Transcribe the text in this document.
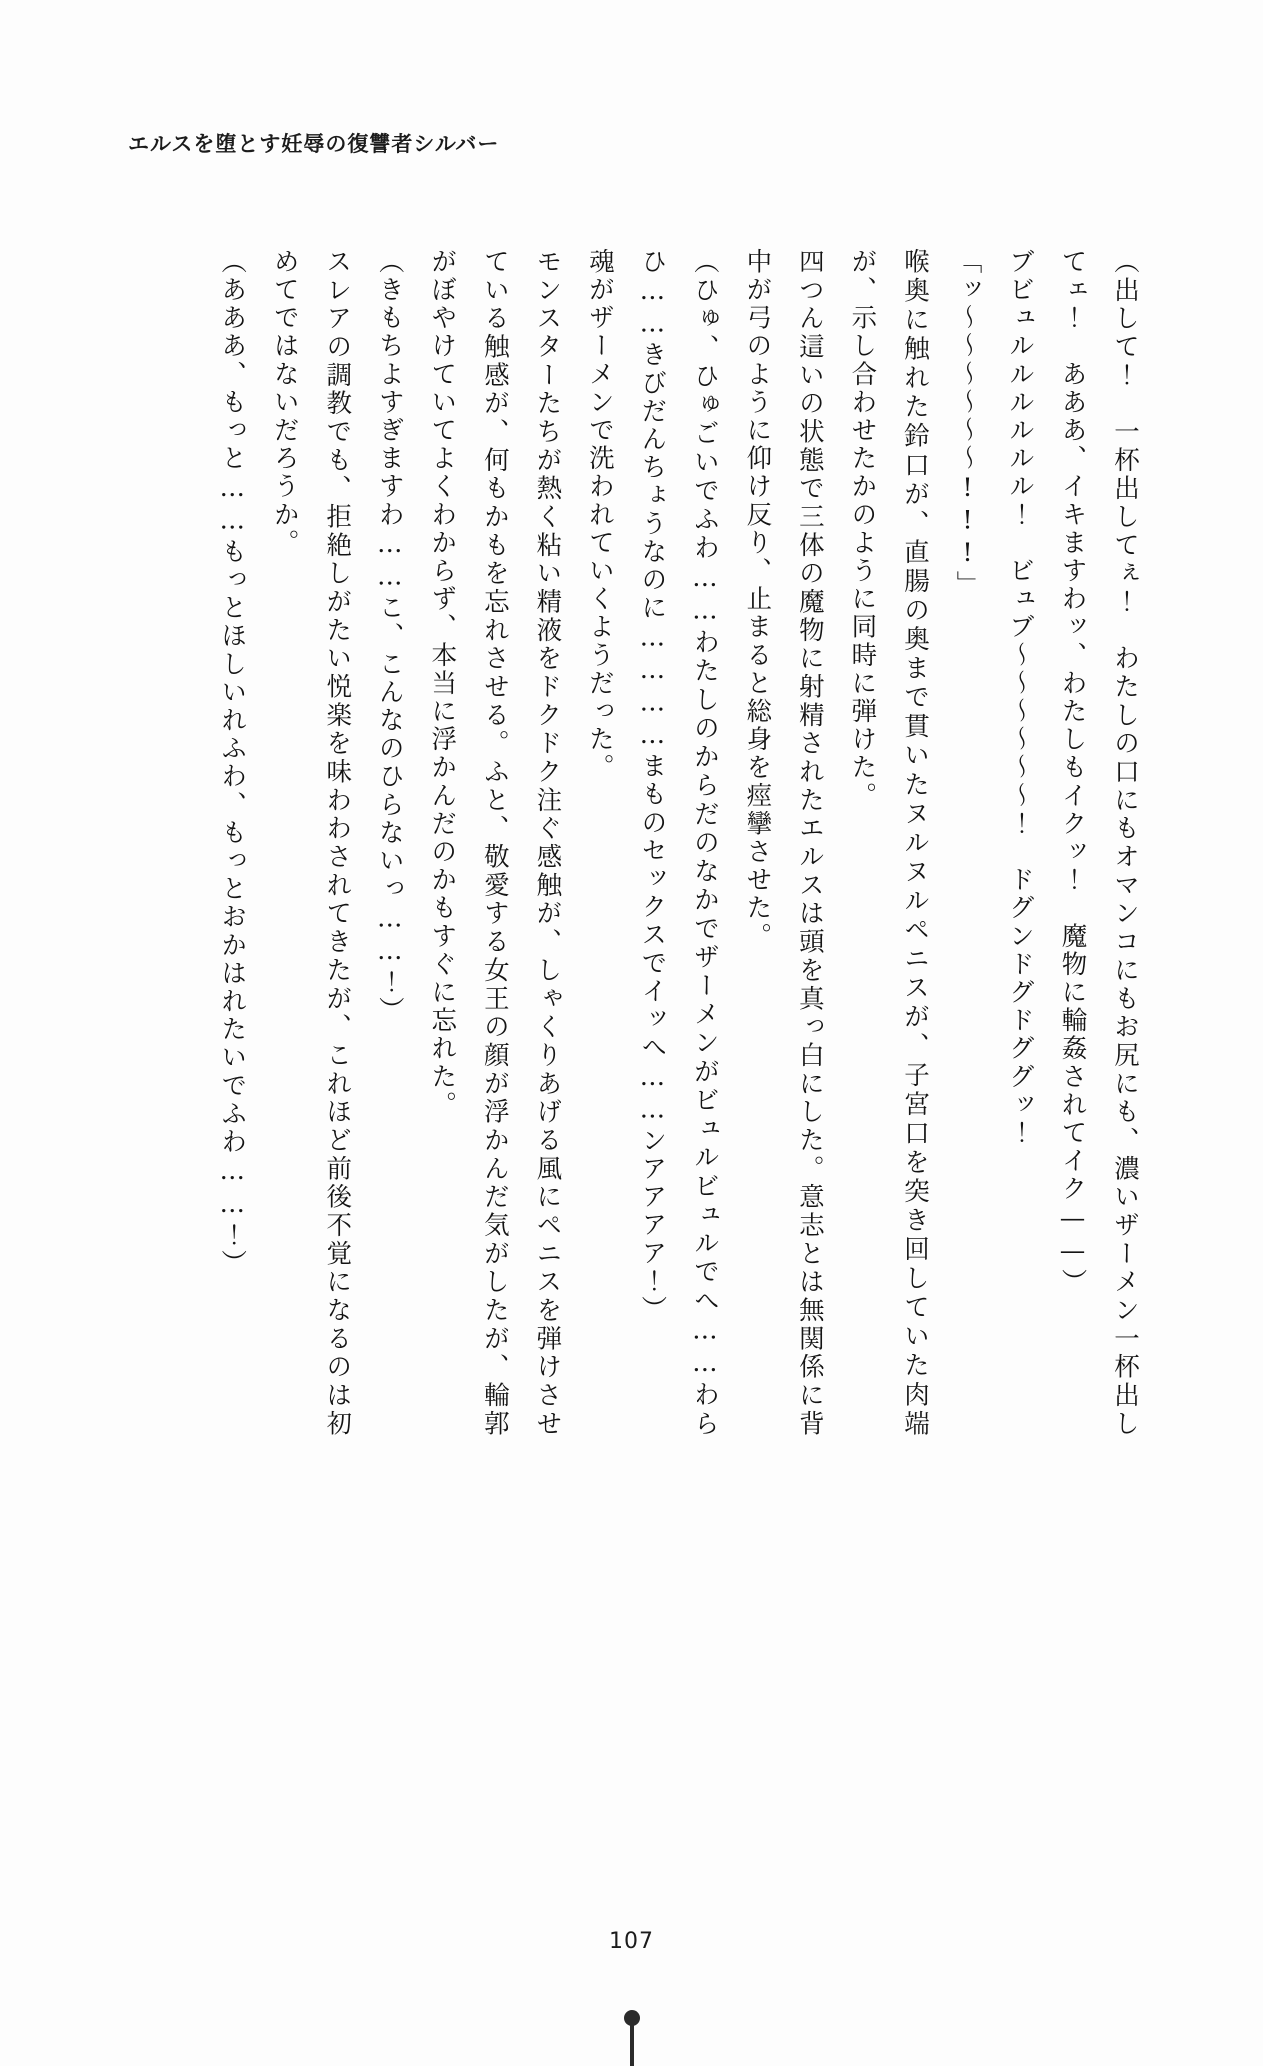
エルスを堕とす妊辱の復讐者シルバー

（出して！　一杯出してぇ！　わたしの口にもオマンコにもお尻にも、濃いザーメン一杯出してェ！　あああ、イキますわッ、わたしもイクッ！　魔物に輪姦されてイク——）

ブビュルルルルルル！　ビュブ～～～～～～！　ドグンドグドググッ！

「ッ～～～～～～!!!」

喉奥に触れた鈴口が、直腸の奥まで貫いたヌルヌルペニスが、子宮口を突き回していた肉端が、示し合わせたかのように同時に弾けた。

四つん這いの状態で三体の魔物に射精されたエルスは頭を真っ白にした。意志とは無関係に背中が弓のように仰け反り、止まると総身を痙攣させた。

（ひゅ、ひゅごいでふわ……わたしのからだのなかでザーメンがビュルビュルでへ……わらひ……きびだんちょうなのに…………まものセックスでイッへ……ンアアアア！）

魂がザーメンで洗われていくようだった。

モンスターたちが熱く粘い精液をドクドク注ぐ感触が、しゃくりあげる風にペニスを弾けさせている触感が、何もかもを忘れさせる。ふと、敬愛する女王の顔が浮かんだ気がしたが、輪郭がぼやけていてよくわからず、本当に浮かんだのかもすぐに忘れた。

（きもちよすぎますわ……こ、こんなのひらないっ……！）

スレアの調教でも、拒絶しがたい悦楽を味わわされてきたが、これほど前後不覚になるのは初めてではないだろうか。

（あああ、もっと……もっとほしいれふわ、もっとおかはれたいでふわ……！）

107
